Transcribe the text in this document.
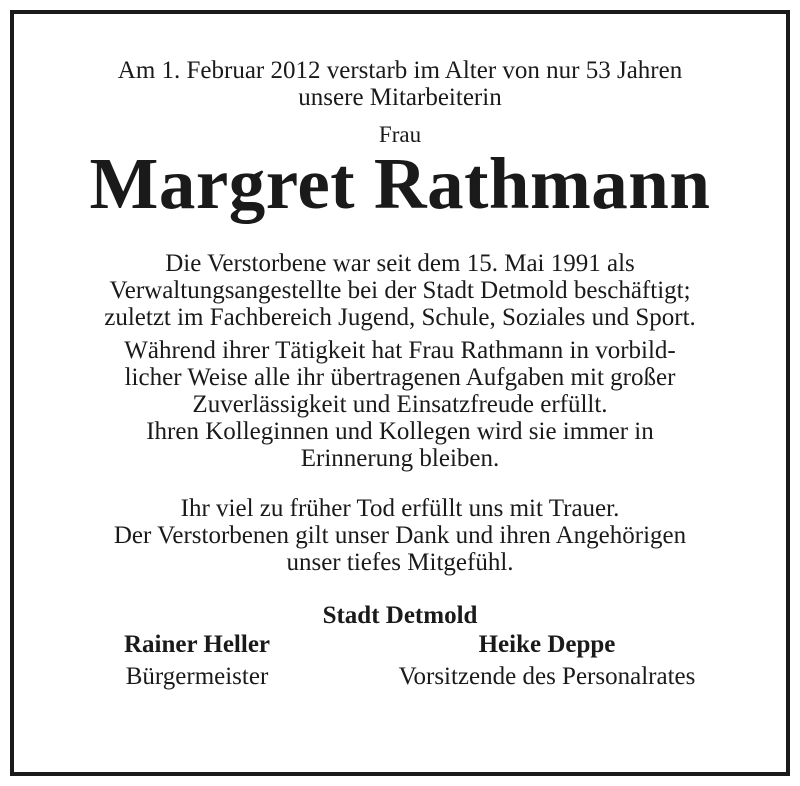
Am 1. Februar 2012 verstarb im Alter von nur 53 Jahren
unsere Mitarbeiterin
Frau
Margret Rathmann
Die Verstorbene war seit dem 15. Mai 1991 als
Verwaltungsangestellte bei der Stadt Detmold beschäftigt;
zuletzt im Fachbereich Jugend, Schule, Soziales und Sport.
Während ihrer Tätigkeit hat Frau Rathmann in vorbild-
licher Weise alle ihr übertragenen Aufgaben mit großer
Zuverlässigkeit und Einsatzfreude erfüllt.
Ihren Kolleginnen und Kollegen wird sie immer in
Erinnerung bleiben.
Ihr viel zu früher Tod erfüllt uns mit Trauer.
Der Verstorbenen gilt unser Dank und ihren Angehörigen
unser tiefes Mitgefühl.
Stadt Detmold
Rainer Heller
Bürgermeister
Heike Deppe
Vorsitzende des Personalrates
